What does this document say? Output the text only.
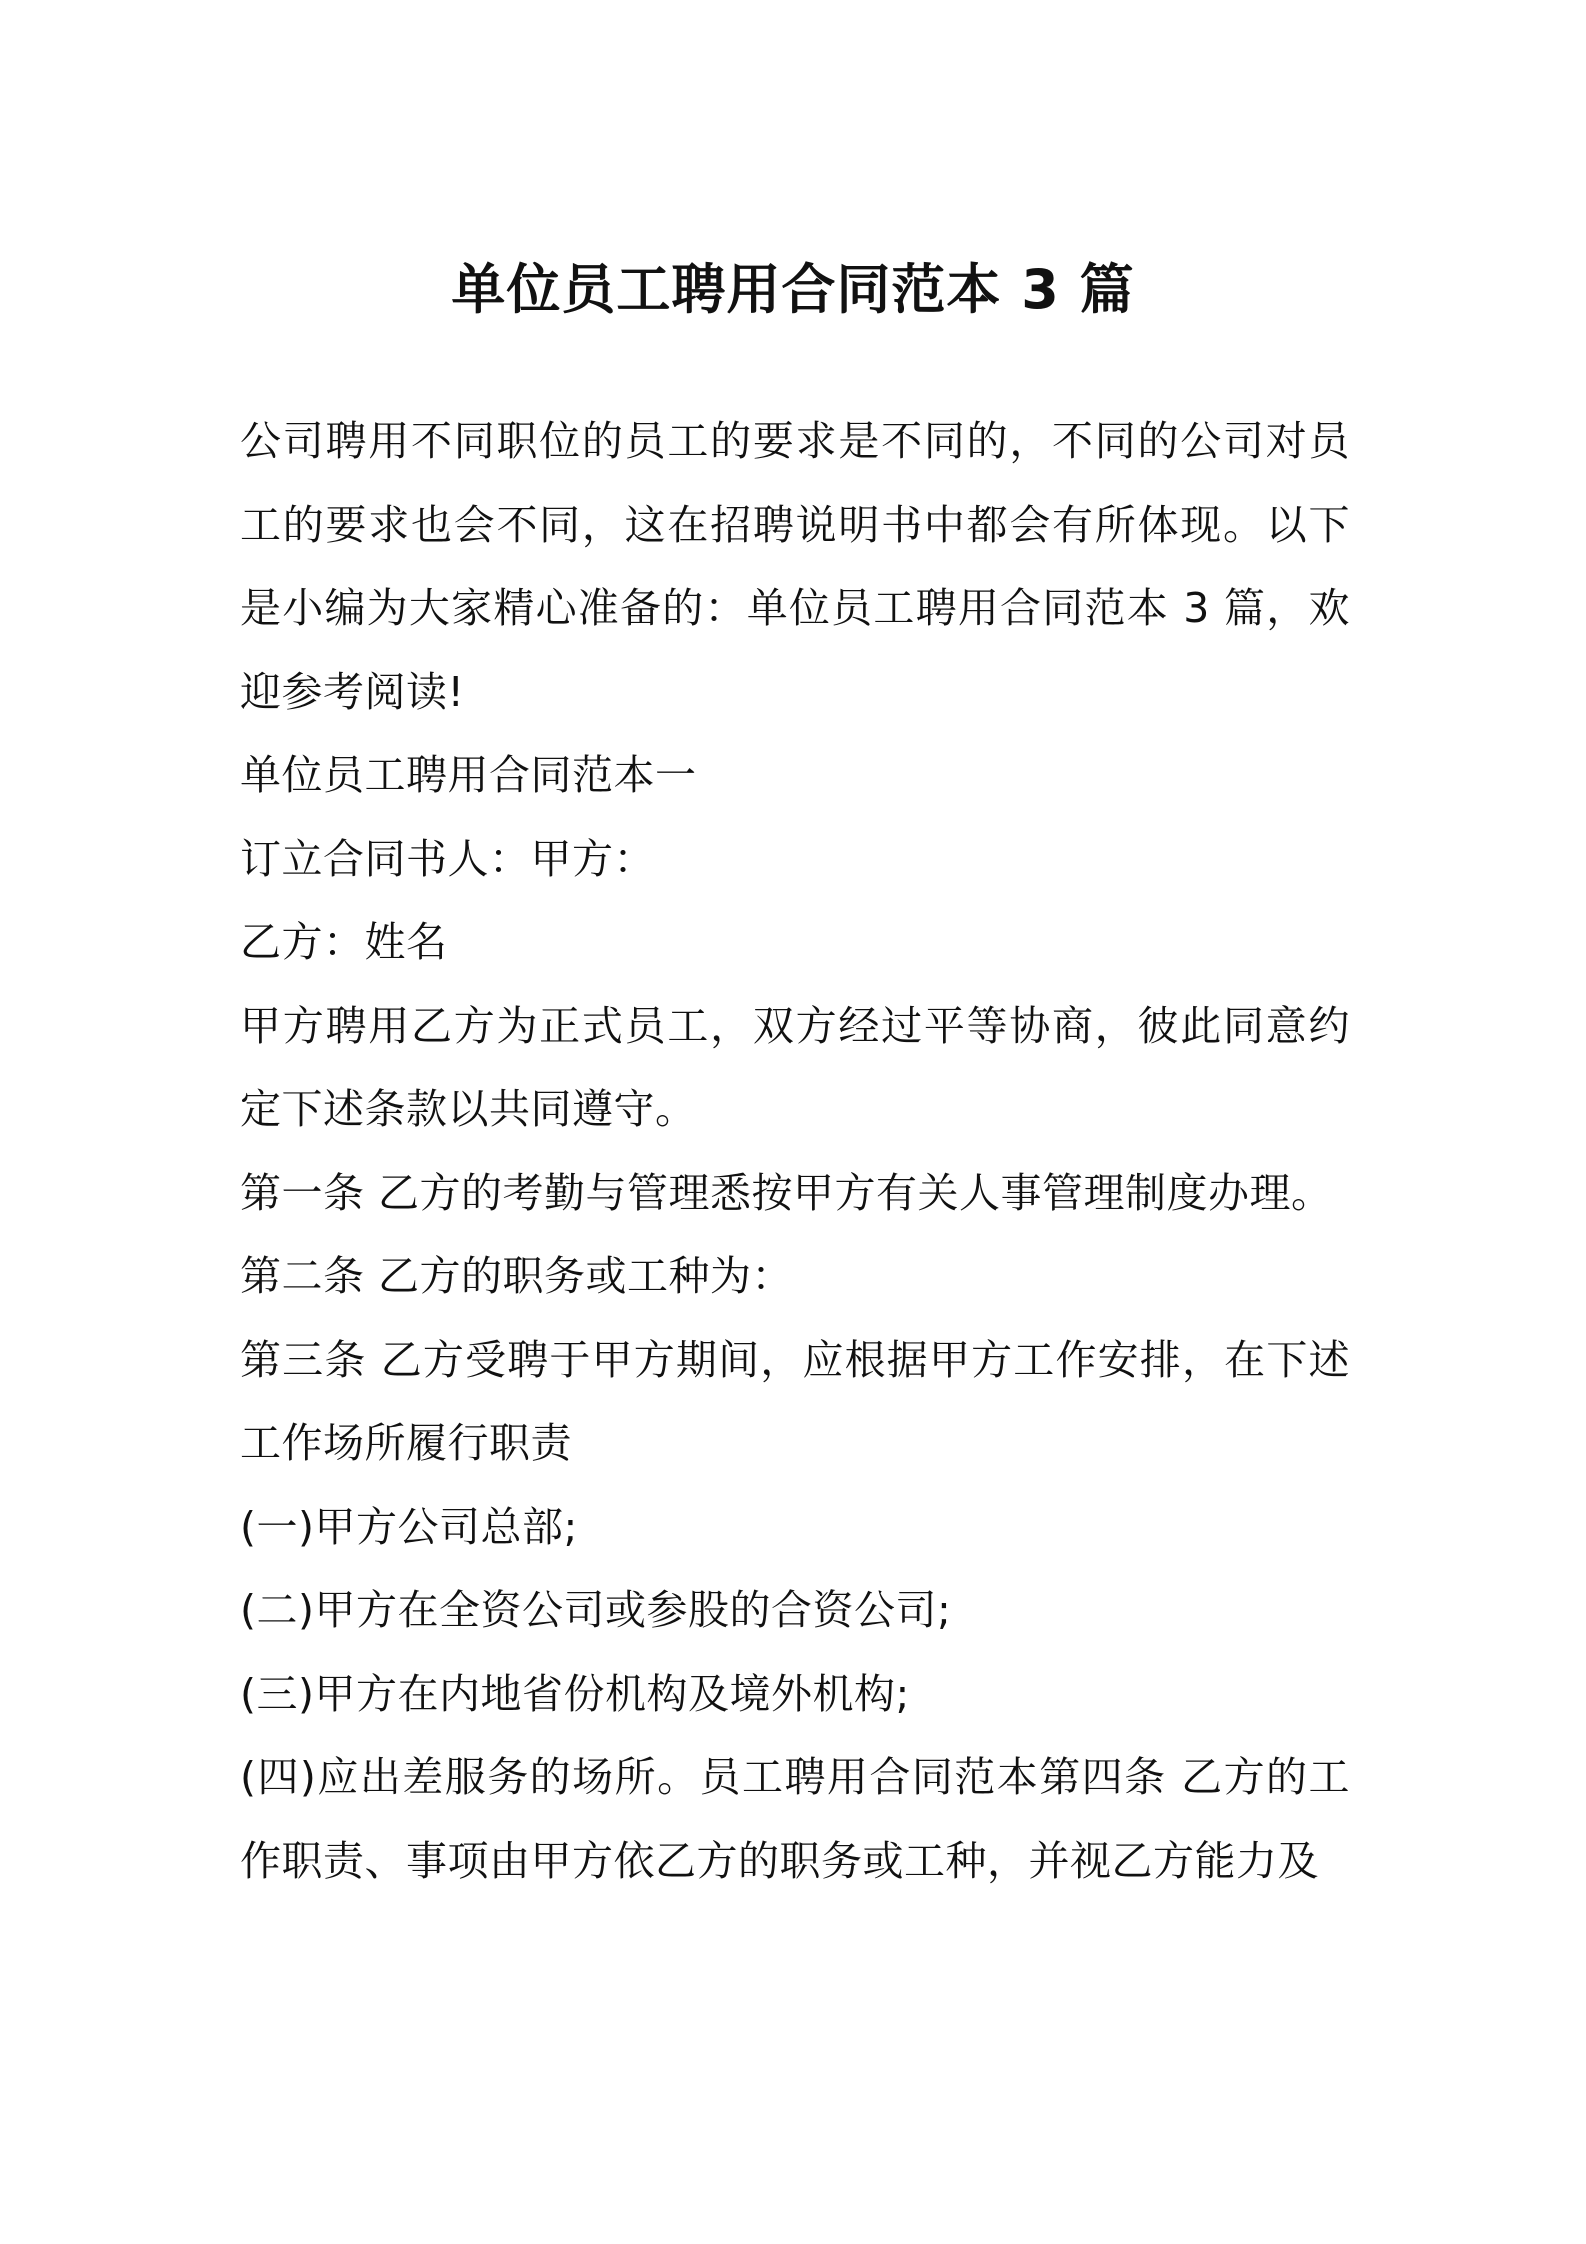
单位员工聘用合同范本 3 篇

公司聘用不同职位的员工的要求是不同的，不同的公司对员工的要求也会不同，这在招聘说明书中都会有所体现。以下是小编为大家精心准备的：单位员工聘用合同范本 3 篇，欢迎参考阅读!

单位员工聘用合同范本一

订立合同书人：甲方：

乙方：姓名

甲方聘用乙方为正式员工，双方经过平等协商，彼此同意约定下述条款以共同遵守。

第一条 乙方的考勤与管理悉按甲方有关人事管理制度办理。

第二条 乙方的职务或工种为：

第三条 乙方受聘于甲方期间，应根据甲方工作安排，在下述工作场所履行职责

(一)甲方公司总部;

(二)甲方在全资公司或参股的合资公司;

(三)甲方在内地省份机构及境外机构;

(四)应出差服务的场所。员工聘用合同范本第四条 乙方的工作职责、事项由甲方依乙方的职务或工种，并视乙方能力及
